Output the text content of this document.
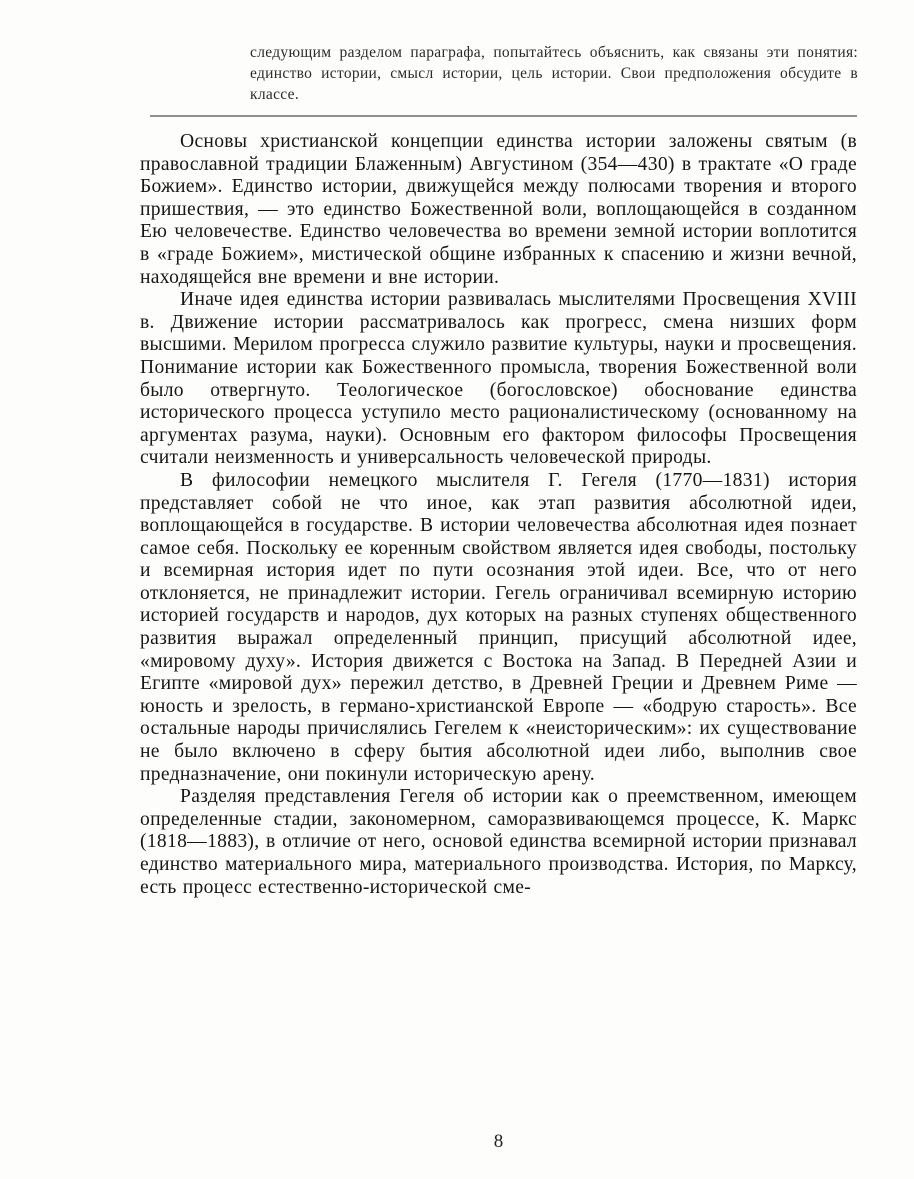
следующим разделом параграфа, попытайтесь объяснить, как связаны эти понятия: единство истории, смысл истории, цель истории. Свои предположения обсудите в классе.

Основы христианской концепции единства истории заложены святым (в православной традиции Блаженным) Августином (354—430) в трактате «О граде Божием». Единство истории, движущейся между полюсами творения и второго пришествия, — это единство Божественной воли, воплощающейся в созданном Ею человечестве. Единство человечества во времени земной истории воплотится в «граде Божием», мистической общине избранных к спасению и жизни вечной, находящейся вне времени и вне истории.

Иначе идея единства истории развивалась мыслителями Просвещения XVIII в. Движение истории рассматривалось как прогресс, смена низших форм высшими. Мерилом прогресса служило развитие культуры, науки и просвещения. Понимание истории как Божественного промысла, творения Божественной воли было отвергнуто. Теологическое (богословское) обоснование единства исторического процесса уступило место рационалистическому (основанному на аргументах разума, науки). Основным его фактором философы Просвещения считали неизменность и универсальность человеческой природы.

В философии немецкого мыслителя Г. Гегеля (1770—1831) история представляет собой не что иное, как этап развития абсолютной идеи, воплощающейся в государстве. В истории человечества абсолютная идея познает самое себя. Поскольку ее коренным свойством является идея свободы, постольку и всемирная история идет по пути осознания этой идеи. Все, что от него отклоняется, не принадлежит истории. Гегель ограничивал всемирную историю историей государств и народов, дух которых на разных ступенях общественного развития выражал определенный принцип, присущий абсолютной идее, «мировому духу». История движется с Востока на Запад. В Передней Азии и Египте «мировой дух» пережил детство, в Древней Греции и Древнем Риме — юность и зрелость, в германо-христианской Европе — «бодрую старость». Все остальные народы причислялись Гегелем к «неисторическим»: их существование не было включено в сферу бытия абсолютной идеи либо, выполнив свое предназначение, они покинули историческую арену.

Разделяя представления Гегеля об истории как о преемственном, имеющем определенные стадии, закономерном, саморазвивающемся процессе, К. Маркс (1818—1883), в отличие от него, основой единства всемирной истории признавал единство материального мира, материального производства. История, по Марксу, есть процесс естественно-исторической сме-

8
